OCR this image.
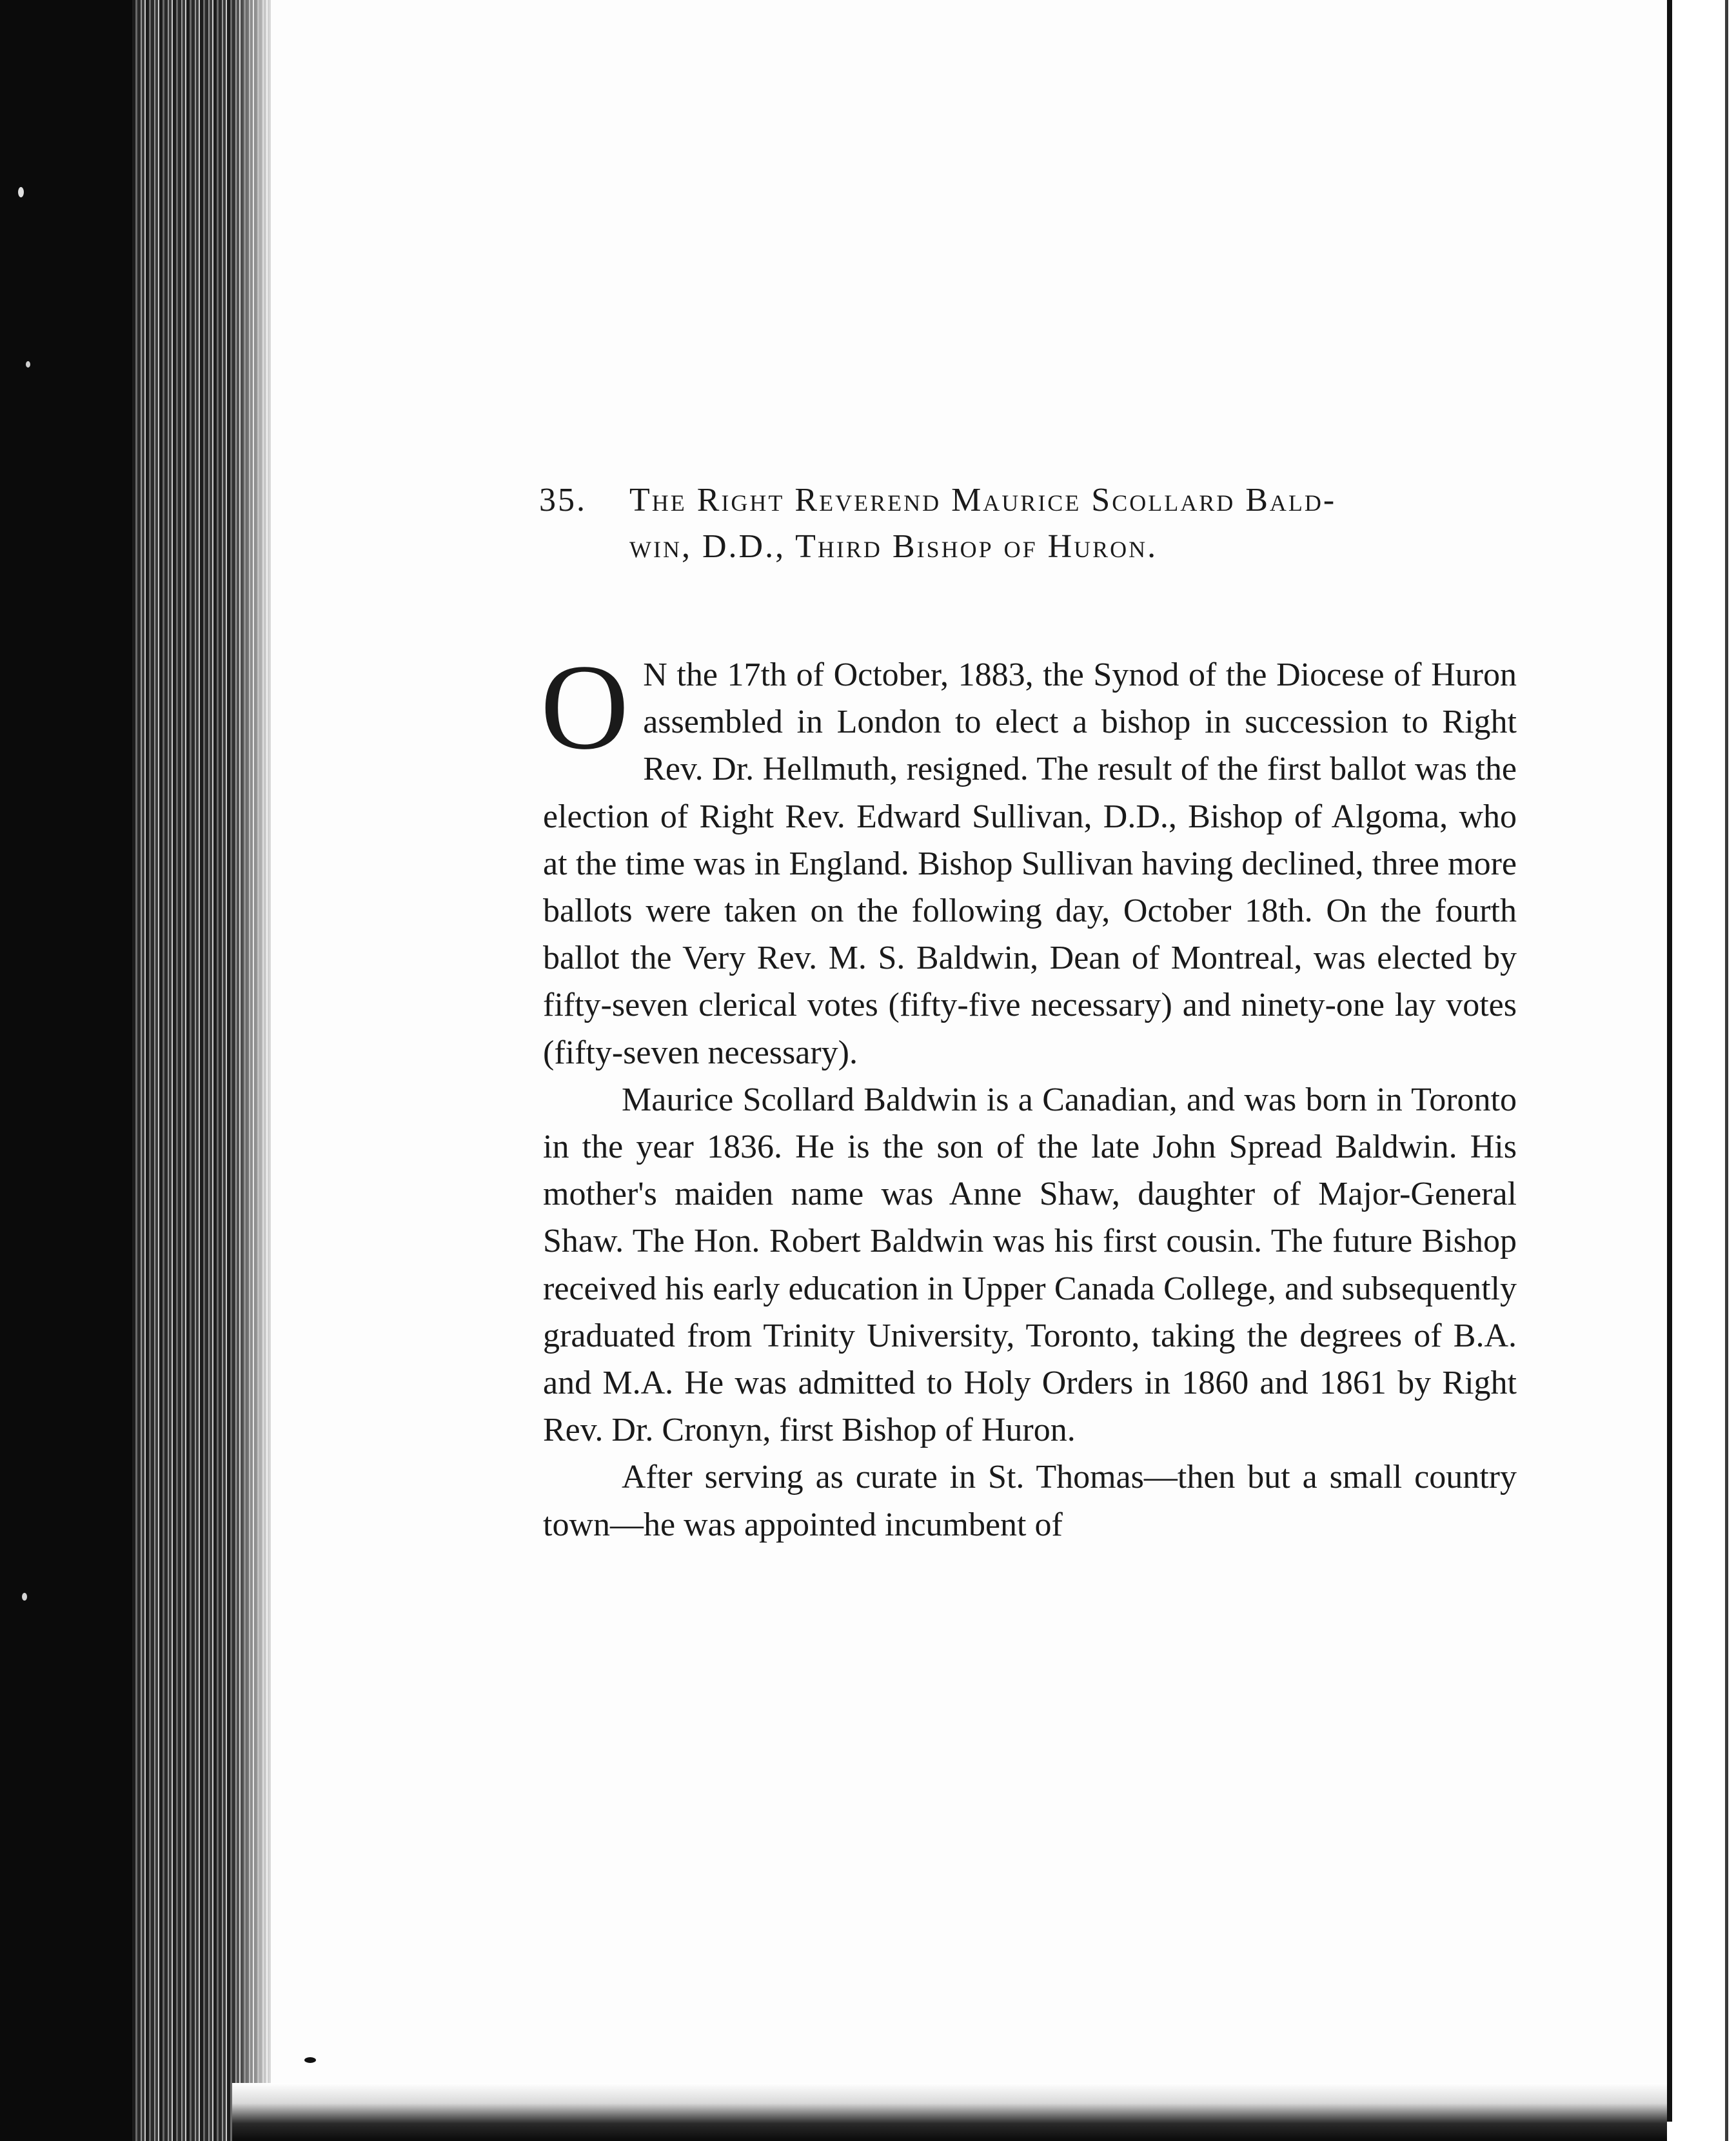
35. The Right Reverend Maurice Scollard Bald-
win, D.D., Third Bishop of Huron.

O N the 17th of October, 1883, the Synod of the Diocese of Huron assembled in London to elect a bishop in succession to Right Rev. Dr. Hellmuth, resigned. The result of the first ballot was the election of Right Rev. Edward Sullivan, D.D., Bishop of Algoma, who at the time was in England. Bishop Sullivan having declined, three more ballots were taken on the following day, October 18th. On the fourth ballot the Very Rev. M. S. Baldwin, Dean of Montreal, was elected by fifty-seven clerical votes (fifty-five necessary) and ninety-one lay votes (fifty-seven necessary).

Maurice Scollard Baldwin is a Canadian, and was born in Toronto in the year 1836. He is the son of the late John Spread Baldwin. His mother's maiden name was Anne Shaw, daughter of Major-General Shaw. The Hon. Robert Baldwin was his first cousin. The future Bishop received his early education in Upper Canada College, and subsequently graduated from Trinity University, Toronto, taking the degrees of B.A. and M.A. He was admitted to Holy Orders in 1860 and 1861 by Right Rev. Dr. Cronyn, first Bishop of Huron.

After serving as curate in St. Thomas—then but a small country town—he was appointed incumbent of
